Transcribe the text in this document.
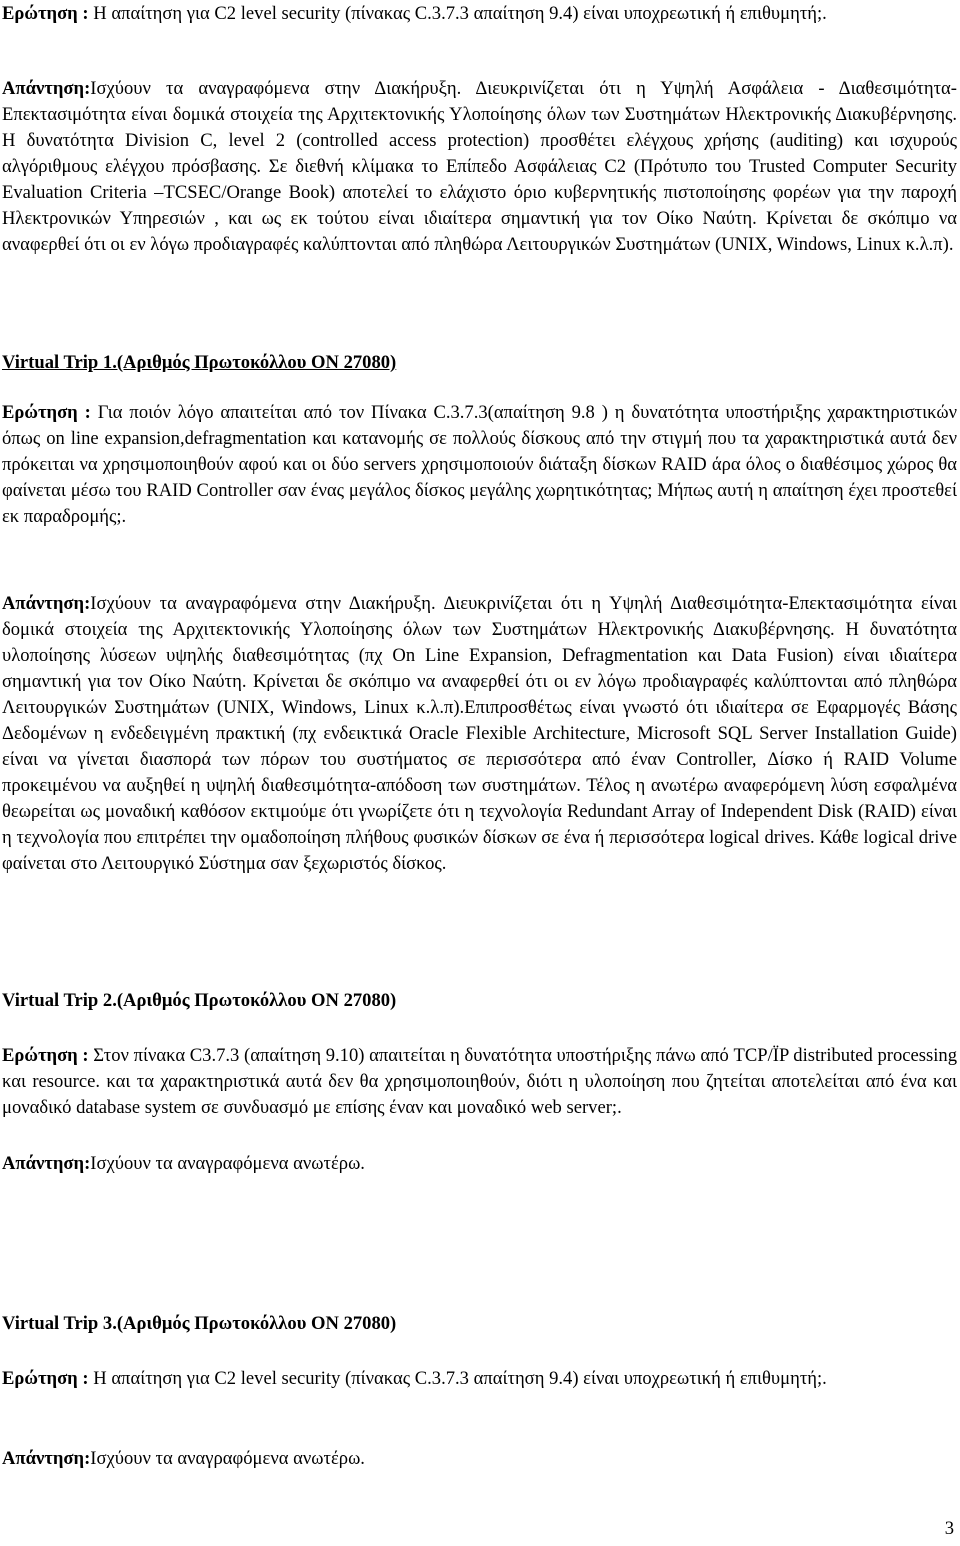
Ερώτηση : Η απαίτηση για C2 level security (πίνακας C.3.7.3 απαίτηση 9.4) είναι υποχρεωτική ή επιθυμητή;.

Απάντηση:Ισχύουν τα αναγραφόμενα στην Διακήρυξη. Διευκρινίζεται ότι η Υψηλή Ασφάλεια - Διαθεσιμότητα-Επεκτασιμότητα είναι δομικά στοιχεία της Αρχιτεκτονικής Υλοποίησης όλων των Συστημάτων Ηλεκτρονικής Διακυβέρνησης. Η δυνατότητα Division C, level 2 (controlled access protection) προσθέτει ελέγχους χρήσης (auditing) και ισχυρούς αλγόριθμους ελέγχου πρόσβασης. Σε διεθνή κλίμακα το Επίπεδο Ασφάλειας C2 (Πρότυπο του Trusted Computer Security Evaluation Criteria –TCSEC/Orange Book) αποτελεί το ελάχιστο όριο κυβερνητικής πιστοποίησης φορέων για την παροχή Ηλεκτρονικών Υπηρεσιών , και ως εκ τούτου είναι ιδιαίτερα σημαντική για τον Οίκο Ναύτη. Κρίνεται δε σκόπιμο να αναφερθεί ότι οι εν λόγω προδιαγραφές καλύπτονται από πληθώρα Λειτουργικών Συστημάτων (UNIX, Windows, Linux κ.λ.π).

Virtual Trip 1.(Αριθμός Πρωτοκόλλου ΟΝ 27080)

Ερώτηση : Για ποιόν λόγο απαιτείται από τον Πίνακα C.3.7.3(απαίτηση 9.8 ) η δυνατότητα υποστήριξης χαρακτηριστικών όπως on line expansion,defragmentation και κατανομής σε πολλούς δίσκους από την στιγμή που τα χαρακτηριστικά αυτά δεν πρόκειται να χρησιμοποιηθούν αφού και οι δύο servers χρησιμοποιούν διάταξη δίσκων RAID άρα όλος ο διαθέσιμος χώρος θα φαίνεται μέσω του RAID Controller σαν ένας μεγάλος δίσκος μεγάλης χωρητικότητας; Μήπως αυτή η απαίτηση έχει προστεθεί εκ παραδρομής;.

Απάντηση:Ισχύουν τα αναγραφόμενα στην Διακήρυξη. Διευκρινίζεται ότι η Υψηλή Διαθεσιμότητα-Επεκτασιμότητα είναι δομικά στοιχεία της Αρχιτεκτονικής Υλοποίησης όλων των Συστημάτων Ηλεκτρονικής Διακυβέρνησης. Η δυνατότητα υλοποίησης λύσεων υψηλής διαθεσιμότητας (πχ On Line Expansion, Defragmentation και Data Fusion) είναι ιδιαίτερα σημαντική για τον Οίκο Ναύτη. Κρίνεται δε σκόπιμο να αναφερθεί ότι οι εν λόγω προδιαγραφές καλύπτονται από πληθώρα Λειτουργικών Συστημάτων (UNIX, Windows, Linux κ.λ.π).Επιπροσθέτως είναι γνωστό ότι ιδιαίτερα σε Εφαρμογές Βάσης Δεδομένων η ενδεδειγμένη πρακτική (πχ ενδεικτικά Oracle Flexible Architecture, Microsoft SQL Server Installation Guide) είναι να γίνεται διασπορά των πόρων του συστήματος σε περισσότερα από έναν Controller, Δίσκο ή RAID Volume προκειμένου να αυξηθεί η υψηλή διαθεσιμότητα-απόδοση των συστημάτων. Τέλος η ανωτέρω αναφερόμενη λύση εσφαλμένα θεωρείται ως μοναδική καθόσον εκτιμούμε ότι γνωρίζετε ότι η τεχνολογία Redundant Array of Independent Disk (RAID) είναι η τεχνολογία που επιτρέπει την ομαδοποίηση πλήθους φυσικών δίσκων σε ένα ή περισσότερα logical drives. Κάθε logical drive φαίνεται στο Λειτουργικό Σύστημα σαν ξεχωριστός δίσκος.

Virtual Trip 2.(Αριθμός Πρωτοκόλλου ΟΝ 27080)

Ερώτηση : Στον πίνακα C3.7.3 (απαίτηση 9.10) απαιτείται η δυνατότητα υποστήριξης πάνω από TCP/ÏP distributed processing και resource. και τα χαρακτηριστικά αυτά δεν θα χρησιμοποιηθούν, διότι η υλοποίηση που ζητείται αποτελείται από ένα και μοναδικό database system σε συνδυασμό με επίσης έναν και μοναδικό web server;.

Απάντηση:Ισχύουν τα αναγραφόμενα ανωτέρω.

Virtual Trip 3.(Αριθμός Πρωτοκόλλου ΟΝ 27080)

Ερώτηση : Η απαίτηση για C2 level security (πίνακας C.3.7.3 απαίτηση 9.4) είναι υποχρεωτική ή επιθυμητή;.

Απάντηση:Ισχύουν τα αναγραφόμενα ανωτέρω.

3
